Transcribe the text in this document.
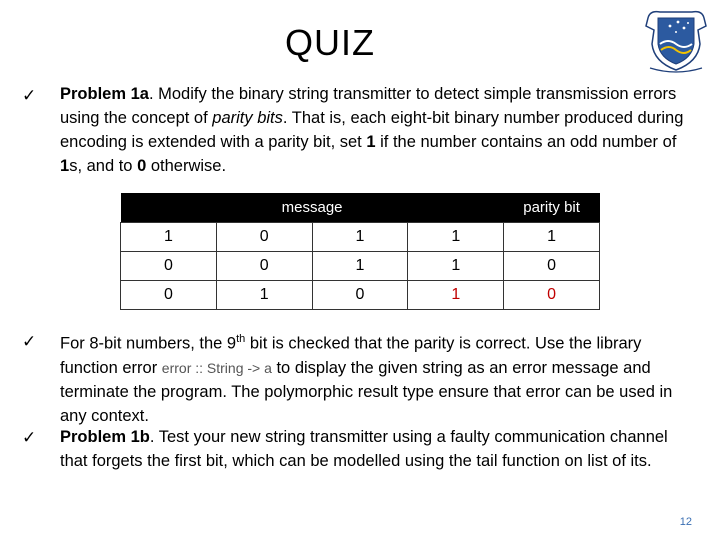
QUIZ
✓ Problem 1a. Modify the binary string transmitter to detect simple transmission errors using the concept of parity bits. That is, each eight-bit binary number produced during encoding is extended with a parity bit, set 1 if the number contains an odd number of 1s, and to 0 otherwise.
message				parity bit
1	0	1	1	1
0	0	1	1	0
0	1	0	1	0
✓ For 8-bit numbers, the 9th bit is checked that the parity is correct. Use the library function error error :: String -> a to display the given string as an error message and terminate the program. The polymorphic result type ensure that error can be used in any context.
✓ Problem 1b. Test your new string transmitter using a faulty communication channel that forgets the first bit, which can be modelled using the tail function on list of its.
12
